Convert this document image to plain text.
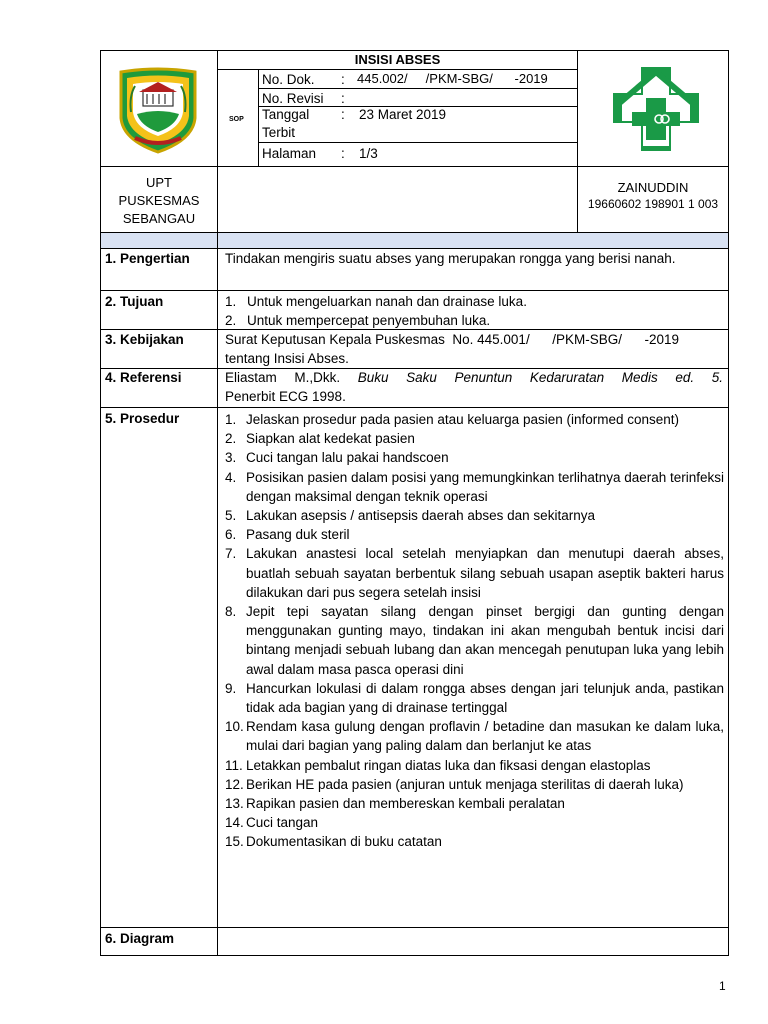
INSISI ABSES
SOP
No. Dok. : 445.002/     /PKM-SBG/      -2019
No. Revisi :
Tanggal
Terbit
: 23 Maret 2019
Halaman : 1/3
UPT
PUSKESMAS
SEBANGAU
ZAINUDDIN
19660602 198901 1 003
1. Pengertian
2. Tujuan
3. Kebijakan
4. Referensi
5. Prosedur
6. Diagram
Tindakan mengiris suatu abses yang merupakan rongga yang berisi nanah.
1. Untuk mengeluarkan nanah dan drainase luka.
2. Untuk mempercepat penyembuhan luka.
Surat Keputusan Kepala Puskesmas  No. 445.001/      /PKM-SBG/      -2019
tentang Insisi Abses.
Eliastam M.,Dkk. Buku Saku Penuntun Kedaruratan Medis ed. 5.
Penerbit ECG 1998.
1. Jelaskan prosedur pada pasien atau keluarga pasien (informed consent)
2. Siapkan alat kedekat pasien
3. Cuci tangan lalu pakai handscoen
4. Posisikan pasien dalam posisi yang memungkinkan terlihatnya daerah terinfeksi dengan maksimal dengan teknik operasi
5. Lakukan asepsis / antisepsis daerah abses dan sekitarnya
6. Pasang duk steril
7. Lakukan anastesi local setelah menyiapkan dan menutupi daerah abses, buatlah sebuah sayatan berbentuk silang sebuah usapan aseptik bakteri harus dilakukan dari pus segera setelah insisi
8. Jepit tepi sayatan silang dengan pinset bergigi dan gunting dengan menggunakan gunting mayo, tindakan ini akan mengubah bentuk incisi dari bintang menjadi sebuah lubang dan akan mencegah penutupan luka yang lebih awal dalam masa pasca operasi dini
9. Hancurkan lokulasi di dalam rongga abses dengan jari telunjuk anda, pastikan tidak ada bagian yang di drainase tertinggal
10. Rendam kasa gulung dengan proflavin / betadine dan masukan ke dalam luka, mulai dari bagian yang paling dalam dan berlanjut ke atas
11. Letakkan pembalut ringan diatas luka dan fiksasi dengan elastoplas
12. Berikan HE pada pasien (anjuran untuk menjaga sterilitas di daerah luka)
13. Rapikan pasien dan membereskan kembali peralatan
14. Cuci tangan
15. Dokumentasikan di buku catatan
1
